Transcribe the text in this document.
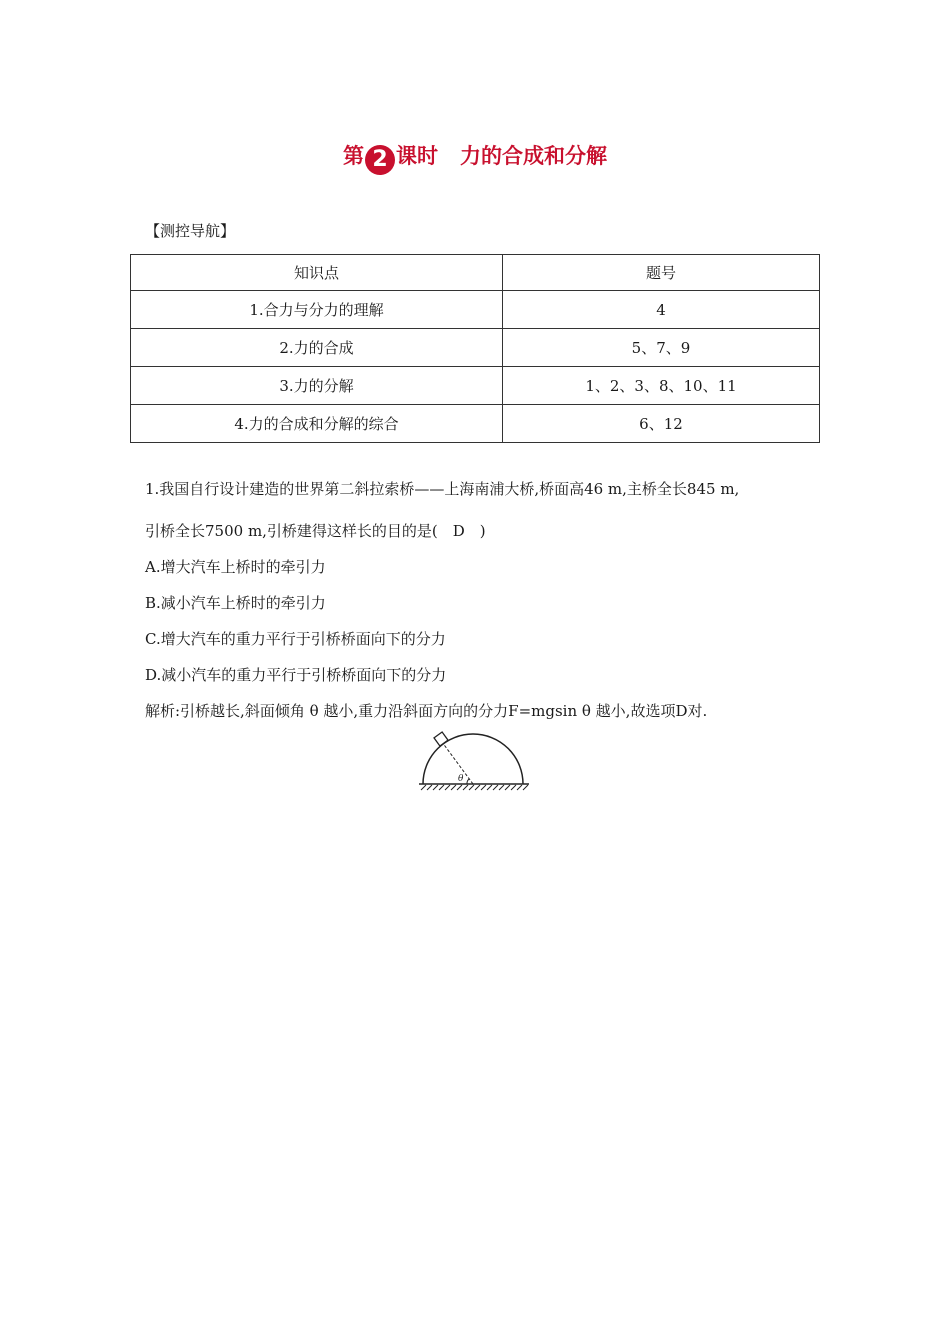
第 2 课时 力的合成和分解
【测控导航】
知识点	题号
1.合力与分力的理解	4
2.力的合成	5、7、9
3.力的分解	1、2、3、8、10、11
4.力的合成和分解的综合	6、12
1.我国自行设计建造的世界第二斜拉索桥——上海南浦大桥,桥面高46 m,主桥全长845 m,
引桥全长7500 m,引桥建得这样长的目的是( D )
A.增大汽车上桥时的牵引力
B.减小汽车上桥时的牵引力
C.增大汽车的重力平行于引桥桥面向下的分力
D.减小汽车的重力平行于引桥桥面向下的分力
解析:引桥越长,斜面倾角 θ 越小,重力沿斜面方向的分力F=mgsin θ 越小,故选项D对.
θ
